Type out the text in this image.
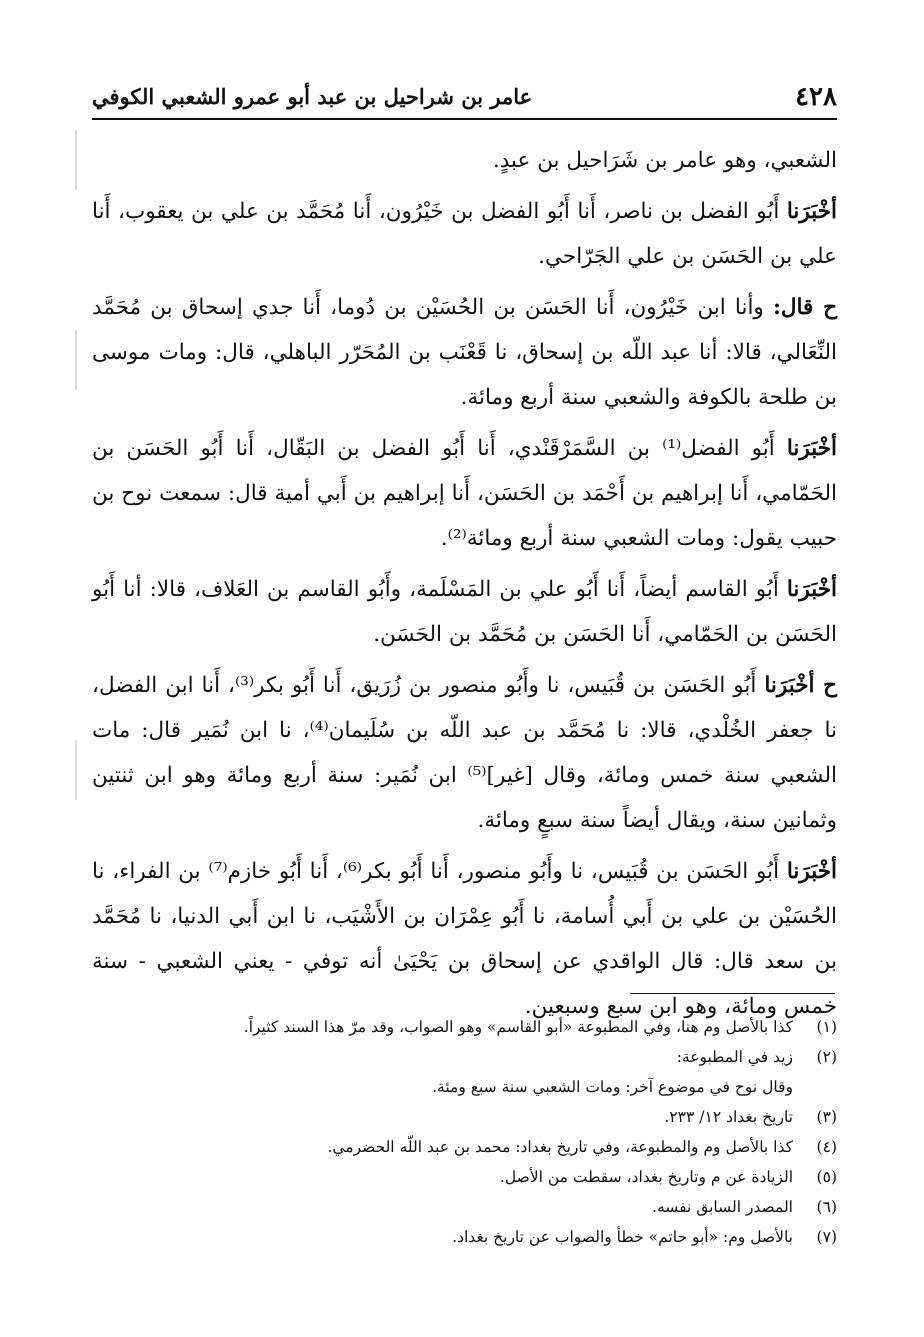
٤٢٨
عامر بن شراحيل بن عبد أبو عمرو الشعبي الكوفي

الشعبي، وهو عامر بن شَرَاحيل بن عبدٍ.

أخْبَرَنا أَبُو الفضل بن ناصر، أَنا أَبُو الفضل بن خَيْرُون، أَنا مُحَمَّد بن علي بن يعقوب، أَنا علي بن الحَسَن بن علي الجَرّاحي.

ح قال: وأنا ابن خَيْرُون، أَنا الحَسَن بن الحُسَيْن بن دُوما، أَنا جدي إسحاق بن مُحَمَّد النِّعَالي، قالا: أنا عبد اللّه بن إسحاق، نا قَعْنَب بن المُحَرّر الباهلي، قال: ومات موسى بن طلحة بالكوفة والشعبي سنة أربع ومائة.

أخْبَرَنا أَبُو الفضل⁽¹⁾ بن السَّمَرْقَنْدي، أَنا أَبُو الفضل بن البَقّال، أَنا أَبُو الحَسَن بن الحَمّامي، أَنا إبراهيم بن أَحْمَد بن الحَسَن، أَنا إبراهيم بن أَبي أمية قال: سمعت نوح بن حبيب يقول: ومات الشعبي سنة أربع ومائة⁽²⁾.

أخْبَرَنا أَبُو القاسم أيضاً، أَنا أَبُو علي بن المَسْلَمة، وأَبُو القاسم بن العَلاف، قالا: أنا أَبُو الحَسَن بن الحَمّامي، أَنا الحَسَن بن مُحَمَّد بن الحَسَن.

ح أخْبَرَنا أَبُو الحَسَن بن قُبَيس، نا وأَبُو منصور بن زُرَيق، أَنا أَبُو بكر⁽³⁾، أَنا ابن الفضل، نا جعفر الخُلْدي، قالا: نا مُحَمَّد بن عبد اللّه بن سُلَيمان⁽⁴⁾، نا ابن نُمَير قال: مات الشعبي سنة خمس ومائة، وقال [غير]⁽⁵⁾ ابن نُمَير: سنة أربع ومائة وهو ابن ثنتين وثمانين سنة، ويقال أيضاً سنة سبعٍ ومائة.

أخْبَرَنا أَبُو الحَسَن بن قُبَيس، نا وأَبُو منصور، أَنا أَبُو بكر⁽⁶⁾، أَنا أَبُو خازم⁽⁷⁾ بن الفراء، نا الحُسَيْن بن علي بن أَبي أُسامة، نا أَبُو عِمْرَان بن الأَشْيَب، نا ابن أَبي الدنيا، نا مُحَمَّد بن سعد قال: قال الواقدي عن إسحاق بن يَحْيَىٰ أنه توفي - يعني الشعبي - سنة خمس ومائة، وهو ابن سبع وسبعين.

(١)
كذا بالأصل وم هنا، وفي المطبوعة «أبو القاسم» وهو الصواب، وقد مرّ هذا السند كثيراً.
(٢)
زيد في المطبوعة:
وقال نوح في موضوع آخر: ومات الشعبي سنة سبع ومئة.
(٣)
تاريخ بغداد ١٢/ ٢٣٣.
(٤)
كذا بالأصل وم والمطبوعة، وفي تاريخ بغداد: محمد بن عبد اللّه الحضرمي.
(٥)
الزيادة عن م وتاريخ بغداد، سقطت من الأصل.
(٦)
المصدر السابق نفسه.
(٧)
بالأصل وم: «أبو حاتم» خطأ والصواب عن تاريخ بغداد.
